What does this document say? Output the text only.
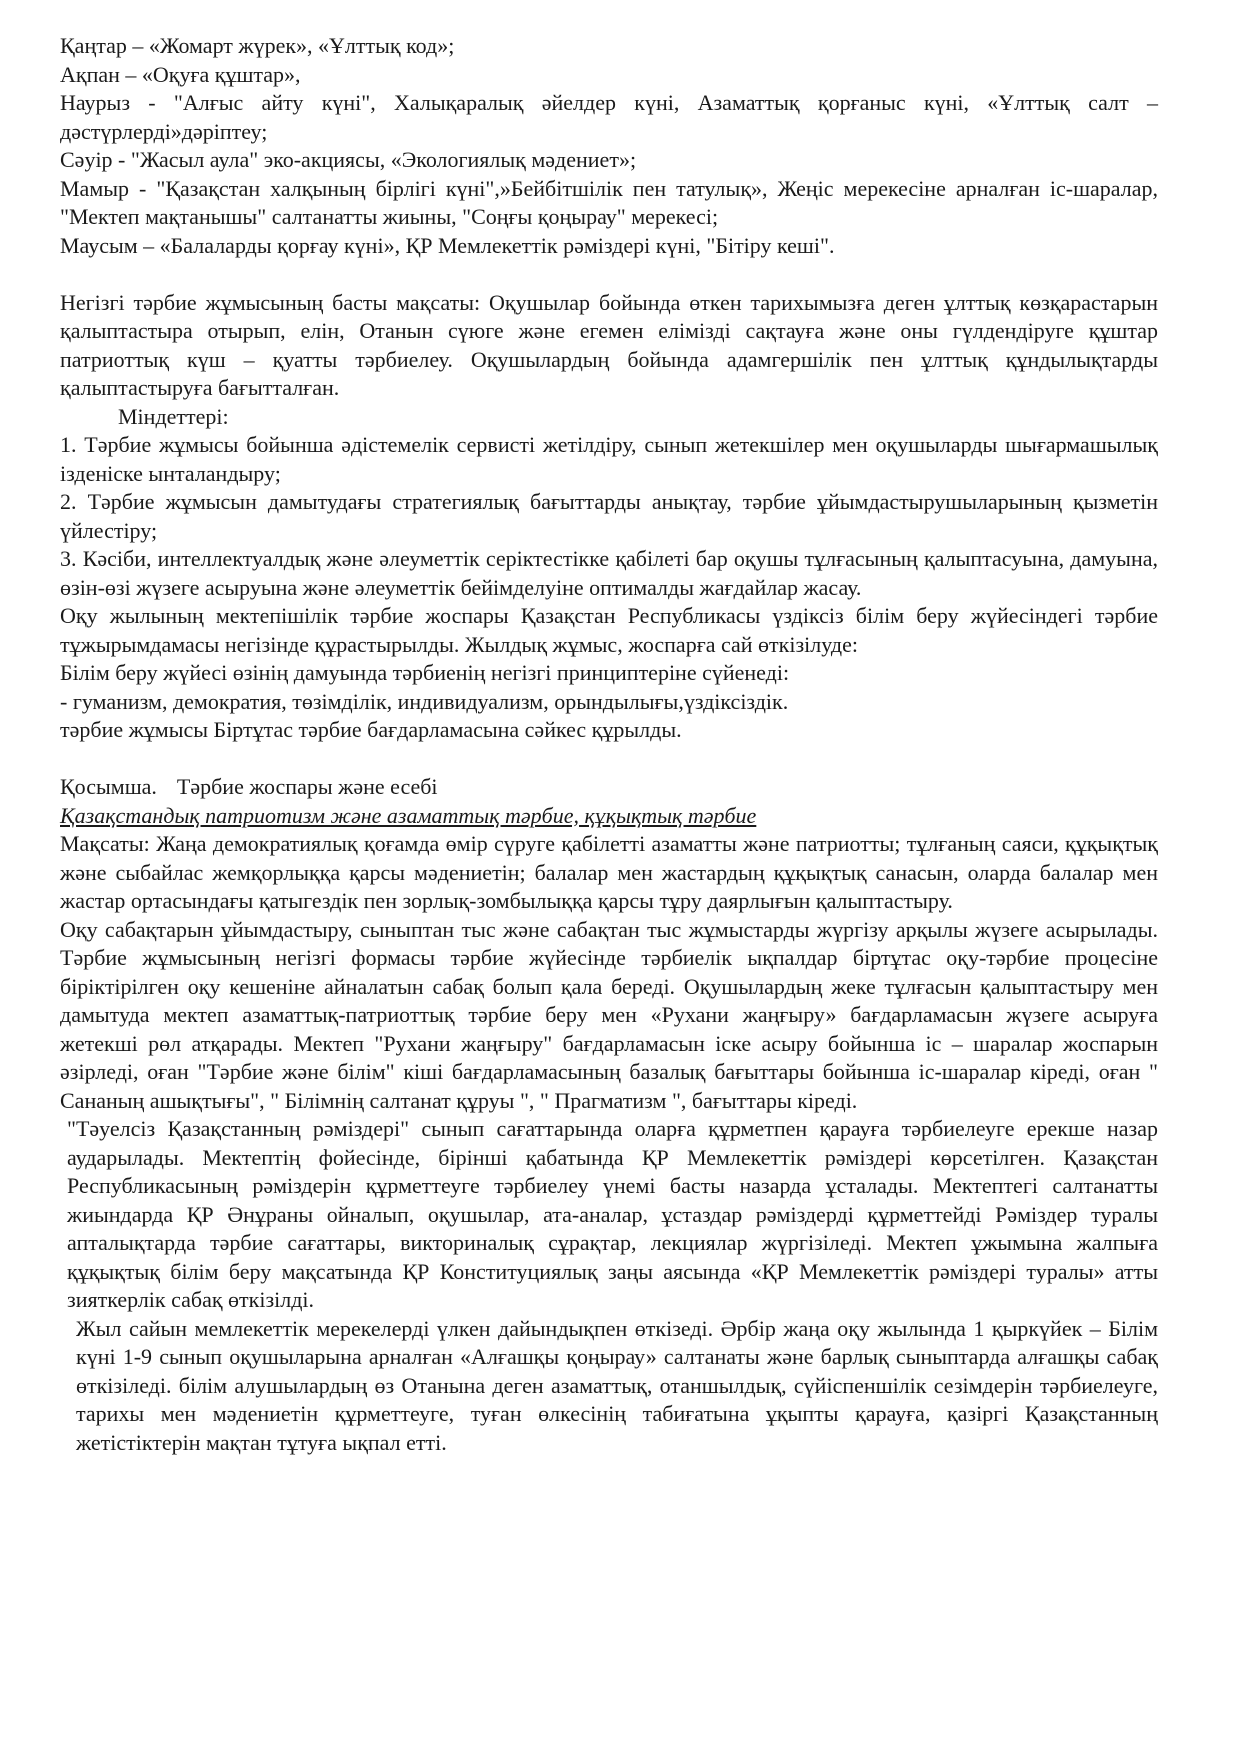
Қаңтар – «Жомарт жүрек», «Ұлттық код»;

Ақпан – «Оқуға құштар»,

Наурыз - "Алғыс айту күні", Халықаралық әйелдер күні, Азаматтық қорғаныс күні, «Ұлттық салт – дәстүрлерді»дәріптеу;

Сәуір - "Жасыл аула" эко-акциясы, «Экологиялық мәдениет»;

Мамыр - "Қазақстан халқының бірлігі күні",»Бейбітшілік пен татулық», Жеңіс мерекесіне арналған іс-шаралар, "Мектеп мақтанышы" салтанатты жиыны, "Соңғы қоңырау" мерекесі;

Маусым – «Балаларды қорғау күні», ҚР Мемлекеттік рәміздері күні, "Бітіру кеші".

Негізгі тәрбие жұмысының басты мақсаты: Оқушылар бойында өткен тарихымызға деген ұлттық көзқарастарын қалыптастыра отырып, елін, Отанын сүюге және егемен елімізді сақтауға және оны гүлдендіруге құштар патриоттық күш – қуатты тәрбиелеу. Оқушылардың бойында адамгершілік пен ұлттық құндылықтарды қалыптастыруға бағытталған.

Міндеттері:

1. Тәрбие жұмысы бойынша әдістемелік сервисті жетілдіру, сынып жетекшілер мен оқушыларды шығармашылық ізденіске ынталандыру;

2. Тәрбие жұмысын дамытудағы стратегиялық бағыттарды анықтау, тәрбие ұйымдастырушыларының қызметін үйлестіру;

3. Кәсіби, интеллектуалдық және әлеуметтік серіктестікке қабілеті бар оқушы тұлғасының қалыптасуына, дамуына, өзін-өзі жүзеге асыруына және әлеуметтік бейімделуіне оптималды жағдайлар жасау.

Оқу жылының мектепішілік тәрбие жоспары Қазақстан Республикасы үздіксіз білім беру жүйесіндегі тәрбие тұжырымдамасы негізінде құрастырылды. Жылдық жұмыс, жоспарға сай өткізілуде:

Білім беру жүйесі өзінің дамуында тәрбиенің негізгі принциптеріне сүйенеді:

- гуманизм, демократия, төзімділік, индивидуализм, орындылығы,үздіксіздік.

тәрбие жұмысы Біртұтас тәрбие бағдарламасына сәйкес құрылды.

Қосымша. Тәрбие жоспары және есебі

Қазақстандық патриотизм және азаматтық тәрбие, құқықтық тәрбие

Мақсаты: Жаңа демократиялық қоғамда өмір сүруге қабілетті азаматты және патриотты; тұлғаның саяси, құқықтық және сыбайлас жемқорлыққа қарсы мәдениетін; балалар мен жастардың құқықтық санасын, оларда балалар мен жастар ортасындағы қатыгездік пен зорлық-зомбылыққа қарсы тұру даярлығын қалыптастыру.

Оқу сабақтарын ұйымдастыру, сыныптан тыс және сабақтан тыс жұмыстарды жүргізу арқылы жүзеге асырылады. Тәрбие жұмысының негізгі формасы тәрбие жүйесінде тәрбиелік ықпалдар біртұтас оқу-тәрбие процесіне біріктірілген оқу кешеніне айналатын сабақ болып қала береді. Оқушылардың жеке тұлғасын қалыптастыру мен дамытуда мектеп азаматтық-патриоттық тәрбие беру мен «Рухани жаңғыру» бағдарламасын жүзеге асыруға жетекші рөл атқарады. Мектеп "Рухани жаңғыру" бағдарламасын іске асыру бойынша іс – шаралар жоспарын әзірледі, оған "Тәрбие және білім" кіші бағдарламасының базалық бағыттары бойынша іс-шаралар кіреді, оған " Сананың ашықтығы", " Білімнің салтанат құруы ", " Прагматизм ", бағыттары кіреді.

"Тәуелсіз Қазақстанның рәміздері" сынып сағаттарында оларға құрметпен қарауға тәрбиелеуге ерекше назар аударылады. Мектептің фойесінде, бірінші қабатында ҚР Мемлекеттік рәміздері көрсетілген. Қазақстан Республикасының рәміздерін құрметтеуге тәрбиелеу үнемі басты назарда ұсталады. Мектептегі салтанатты жиындарда ҚР Әнұраны ойналып, оқушылар, ата-аналар, ұстаздар рәміздерді құрметтейді Рәміздер туралы апталықтарда тәрбие сағаттары, викториналық сұрақтар, лекциялар жүргізіледі. Мектеп ұжымына жалпыға құқықтық білім беру мақсатында ҚР Конституциялық заңы аясында «ҚР Мемлекеттік рәміздері туралы» атты зияткерлік сабақ өткізілді.

Жыл сайын мемлекеттік мерекелерді үлкен дайындықпен өткізеді. Әрбір жаңа оқу жылында 1 қыркүйек – Білім күні 1-9 сынып оқушыларына арналған «Алғашқы қоңырау» салтанаты және барлық сыныптарда алғашқы сабақ өткізіледі. білім алушылардың өз Отанына деген азаматтық, отаншылдық, сүйіспеншілік сезімдерін тәрбиелеуге, тарихы мен мәдениетін құрметтеуге, туған өлкесінің табиғатына ұқыпты қарауға, қазіргі Қазақстанның жетістіктерін мақтан тұтуға ықпал етті.
